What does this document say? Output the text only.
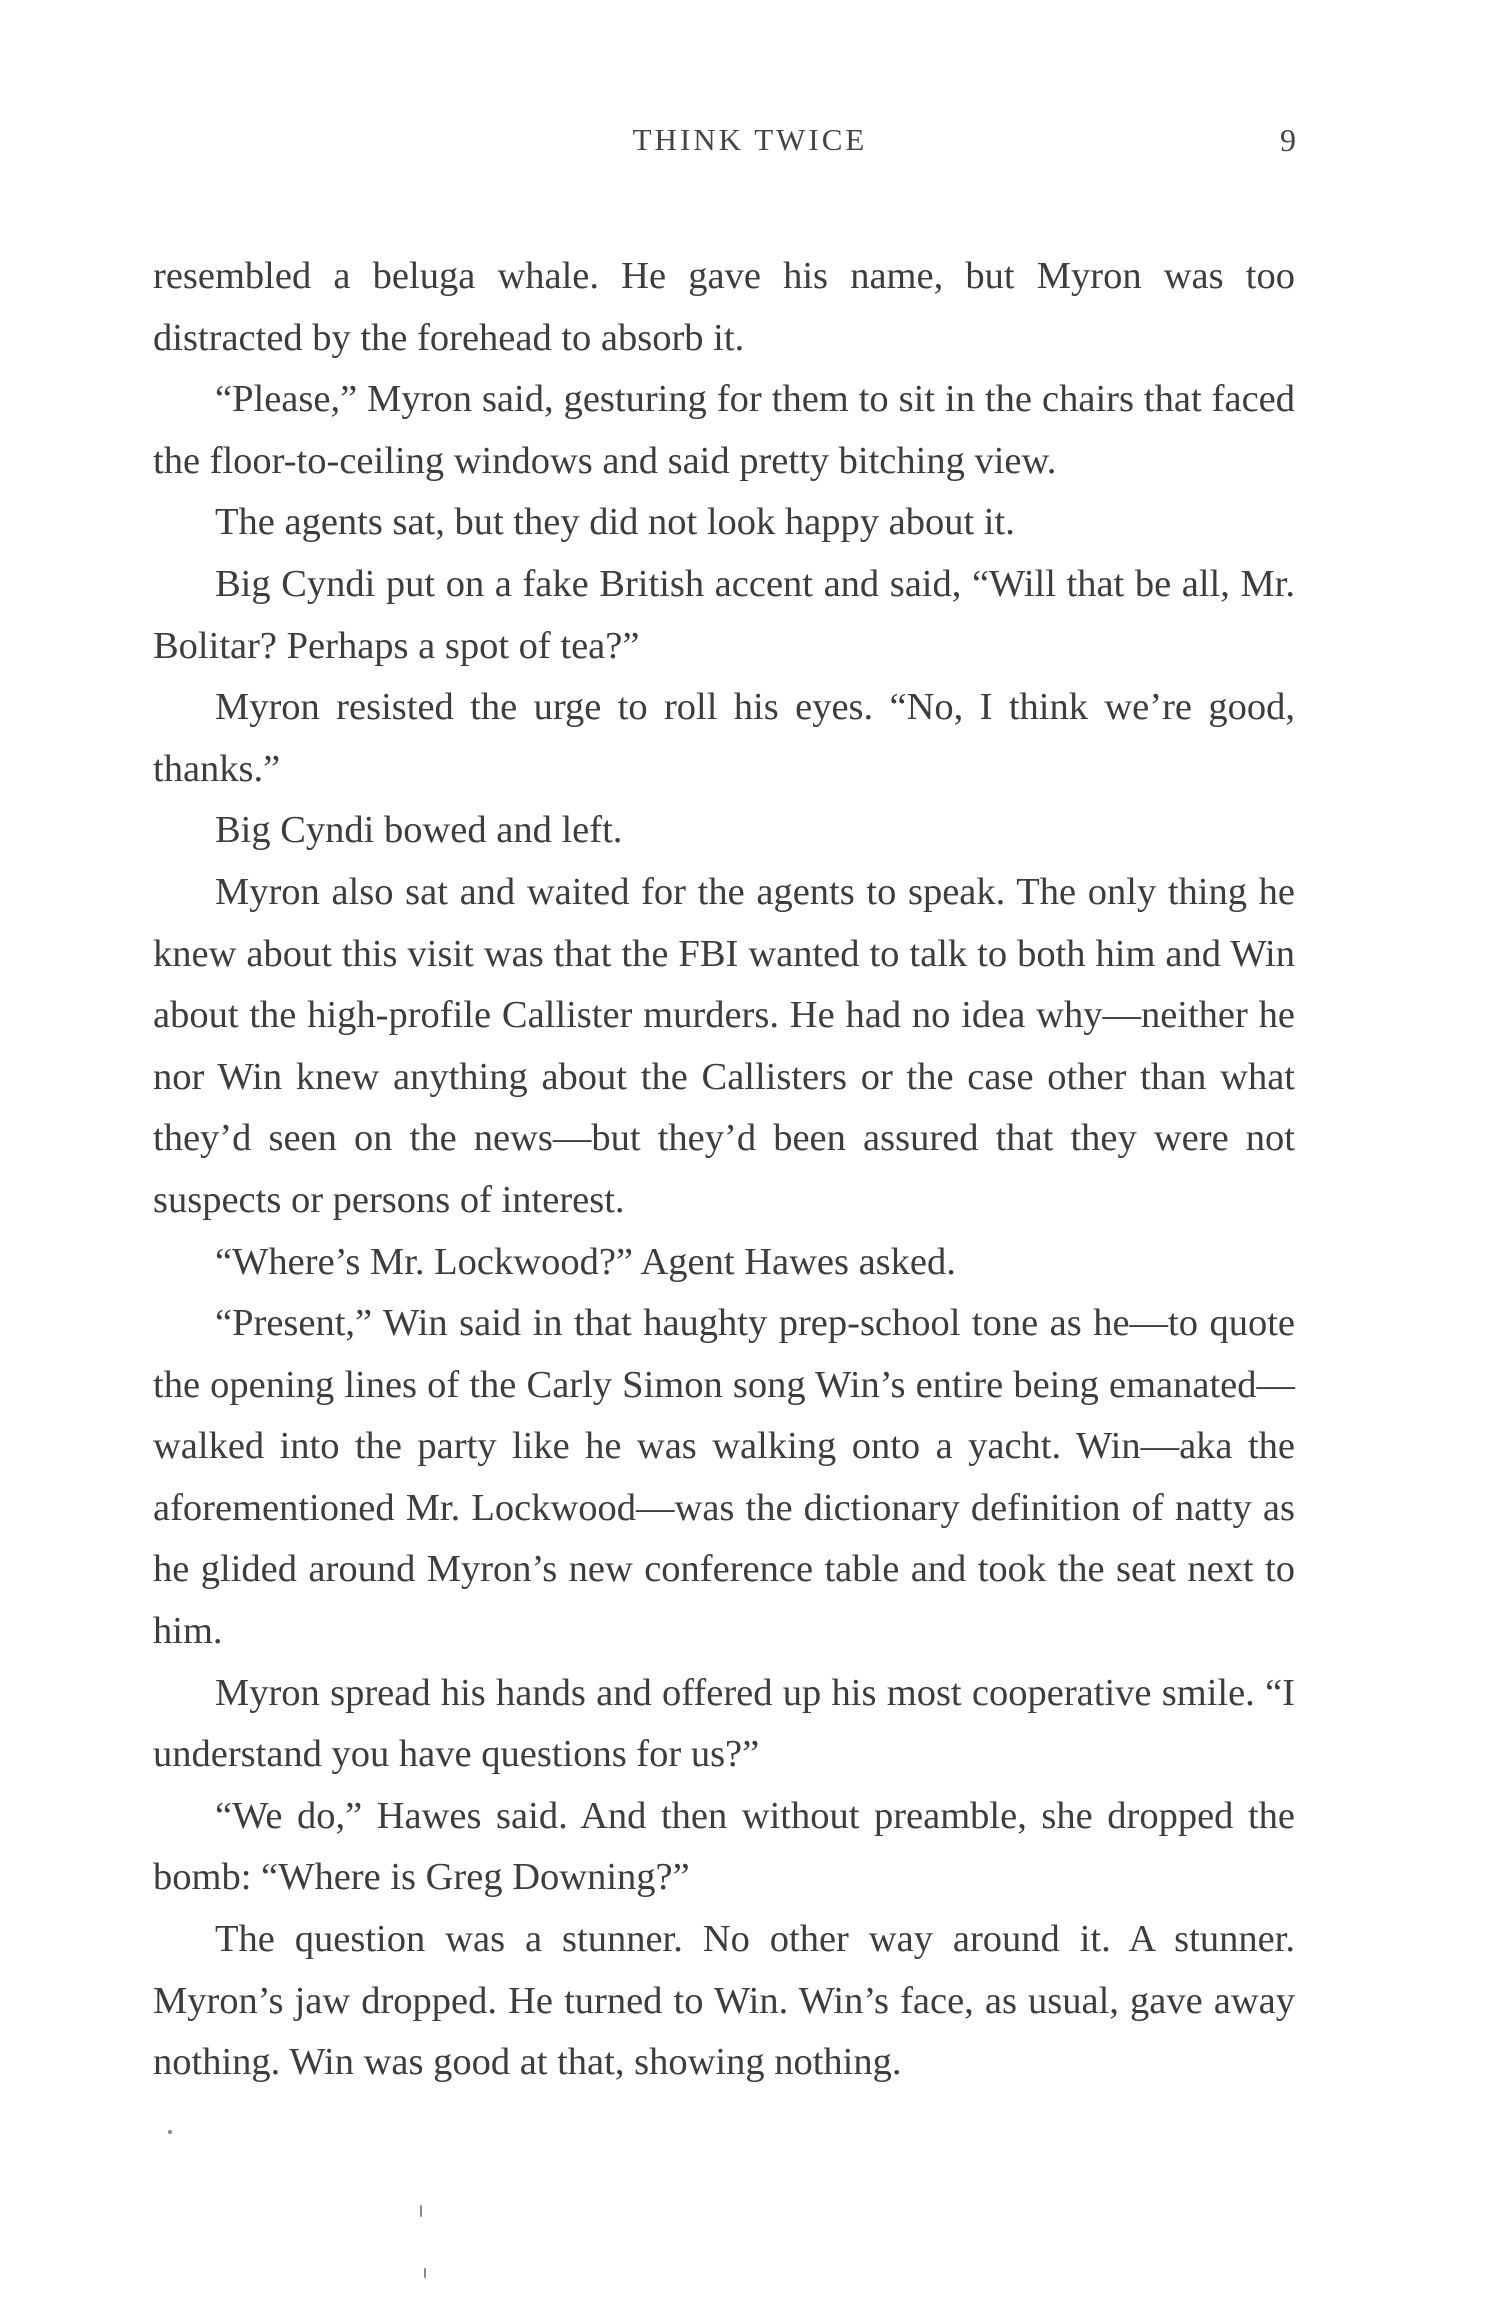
THINK TWICE	9

resembled a beluga whale. He gave his name, but Myron was too distracted by the forehead to absorb it.

“Please,” Myron said, gesturing for them to sit in the chairs that faced the floor-to-ceiling windows and said pretty bitching view.

The agents sat, but they did not look happy about it.

Big Cyndi put on a fake British accent and said, “Will that be all, Mr. Bolitar? Perhaps a spot of tea?”

Myron resisted the urge to roll his eyes. “No, I think we’re good, thanks.”

Big Cyndi bowed and left.

Myron also sat and waited for the agents to speak. The only thing he knew about this visit was that the FBI wanted to talk to both him and Win about the high-profile Callister murders. He had no idea why—neither he nor Win knew anything about the Callisters or the case other than what they’d seen on the news—but they’d been assured that they were not suspects or persons of interest.

“Where’s Mr. Lockwood?” Agent Hawes asked.

“Present,” Win said in that haughty prep-school tone as he—to quote the opening lines of the Carly Simon song Win’s entire being emanated—walked into the party like he was walking onto a yacht. Win—aka the aforementioned Mr. Lockwood—was the dictionary definition of natty as he glided around Myron’s new conference table and took the seat next to him.

Myron spread his hands and offered up his most cooperative smile. “I understand you have questions for us?”

“We do,” Hawes said. And then without preamble, she dropped the bomb: “Where is Greg Downing?”

The question was a stunner. No other way around it. A stunner. Myron’s jaw dropped. He turned to Win. Win’s face, as usual, gave away nothing. Win was good at that, showing nothing.
